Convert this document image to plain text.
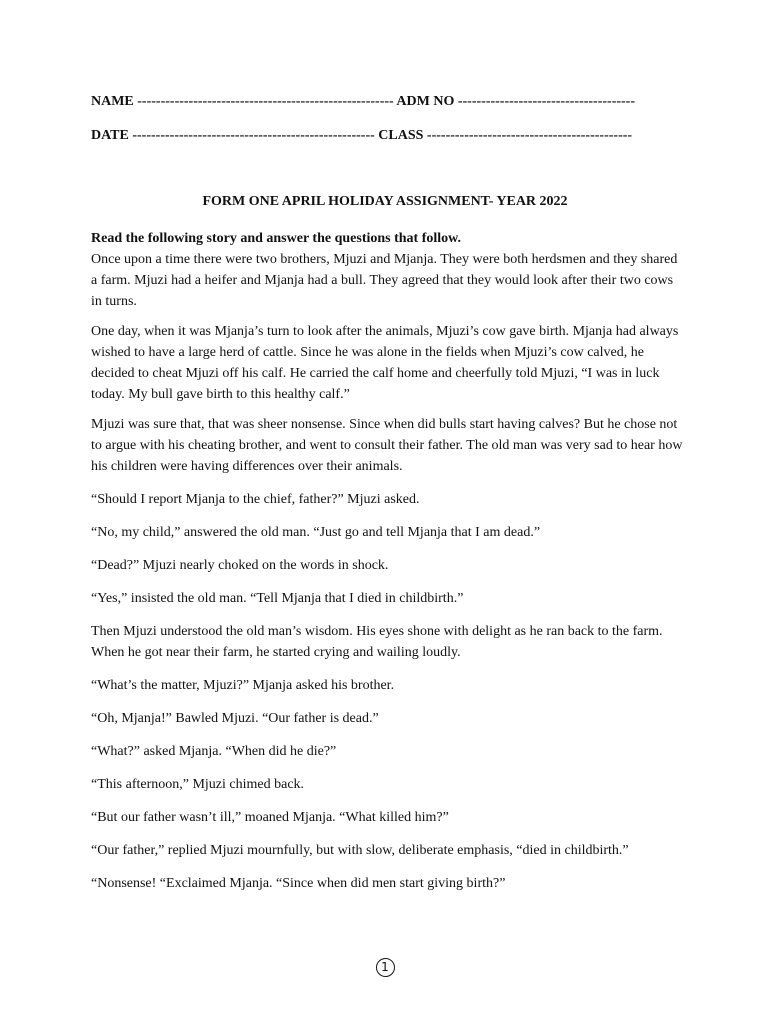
NAME ------------------------------------------------------- ADM NO --------------------------------------
DATE ---------------------------------------------------- CLASS --------------------------------------------
FORM ONE APRIL HOLIDAY ASSIGNMENT- YEAR 2022

Read the following story and answer the questions that follow.

Once upon a time there were two brothers, Mjuzi and Mjanja. They were both herdsmen and they shared a farm. Mjuzi had a heifer and Mjanja had a bull. They agreed that they would look after their two cows in turns.

One day, when it was Mjanja’s turn to look after the animals, Mjuzi’s cow gave birth. Mjanja had always wished to have a large herd of cattle. Since he was alone in the fields when Mjuzi’s cow calved, he decided to cheat Mjuzi off his calf. He carried the calf home and cheerfully told Mjuzi, “I was in luck today. My bull gave birth to this healthy calf.”

Mjuzi was sure that, that was sheer nonsense. Since when did bulls start having calves? But he chose not to argue with his cheating brother, and went to consult their father. The old man was very sad to hear how his children were having differences over their animals.

“Should I report Mjanja to the chief, father?” Mjuzi asked.

“No, my child,” answered the old man. “Just go and tell Mjanja that I am dead.”

“Dead?” Mjuzi nearly choked on the words in shock.

“Yes,” insisted the old man. “Tell Mjanja that I died in childbirth.”

Then Mjuzi understood the old man’s wisdom. His eyes shone with delight as he ran back to the farm. When he got near their farm, he started crying and wailing loudly.

“What’s the matter, Mjuzi?” Mjanja asked his brother.

“Oh, Mjanja!” Bawled Mjuzi. “Our father is dead.”

“What?” asked Mjanja. “When did he die?”

“This afternoon,” Mjuzi chimed back.

“But our father wasn’t ill,” moaned Mjanja. “What killed him?”

“Our father,” replied Mjuzi mournfully, but with slow, deliberate emphasis, “died in childbirth.”

“Nonsense! “Exclaimed Mjanja. “Since when did men start giving birth?”

1
